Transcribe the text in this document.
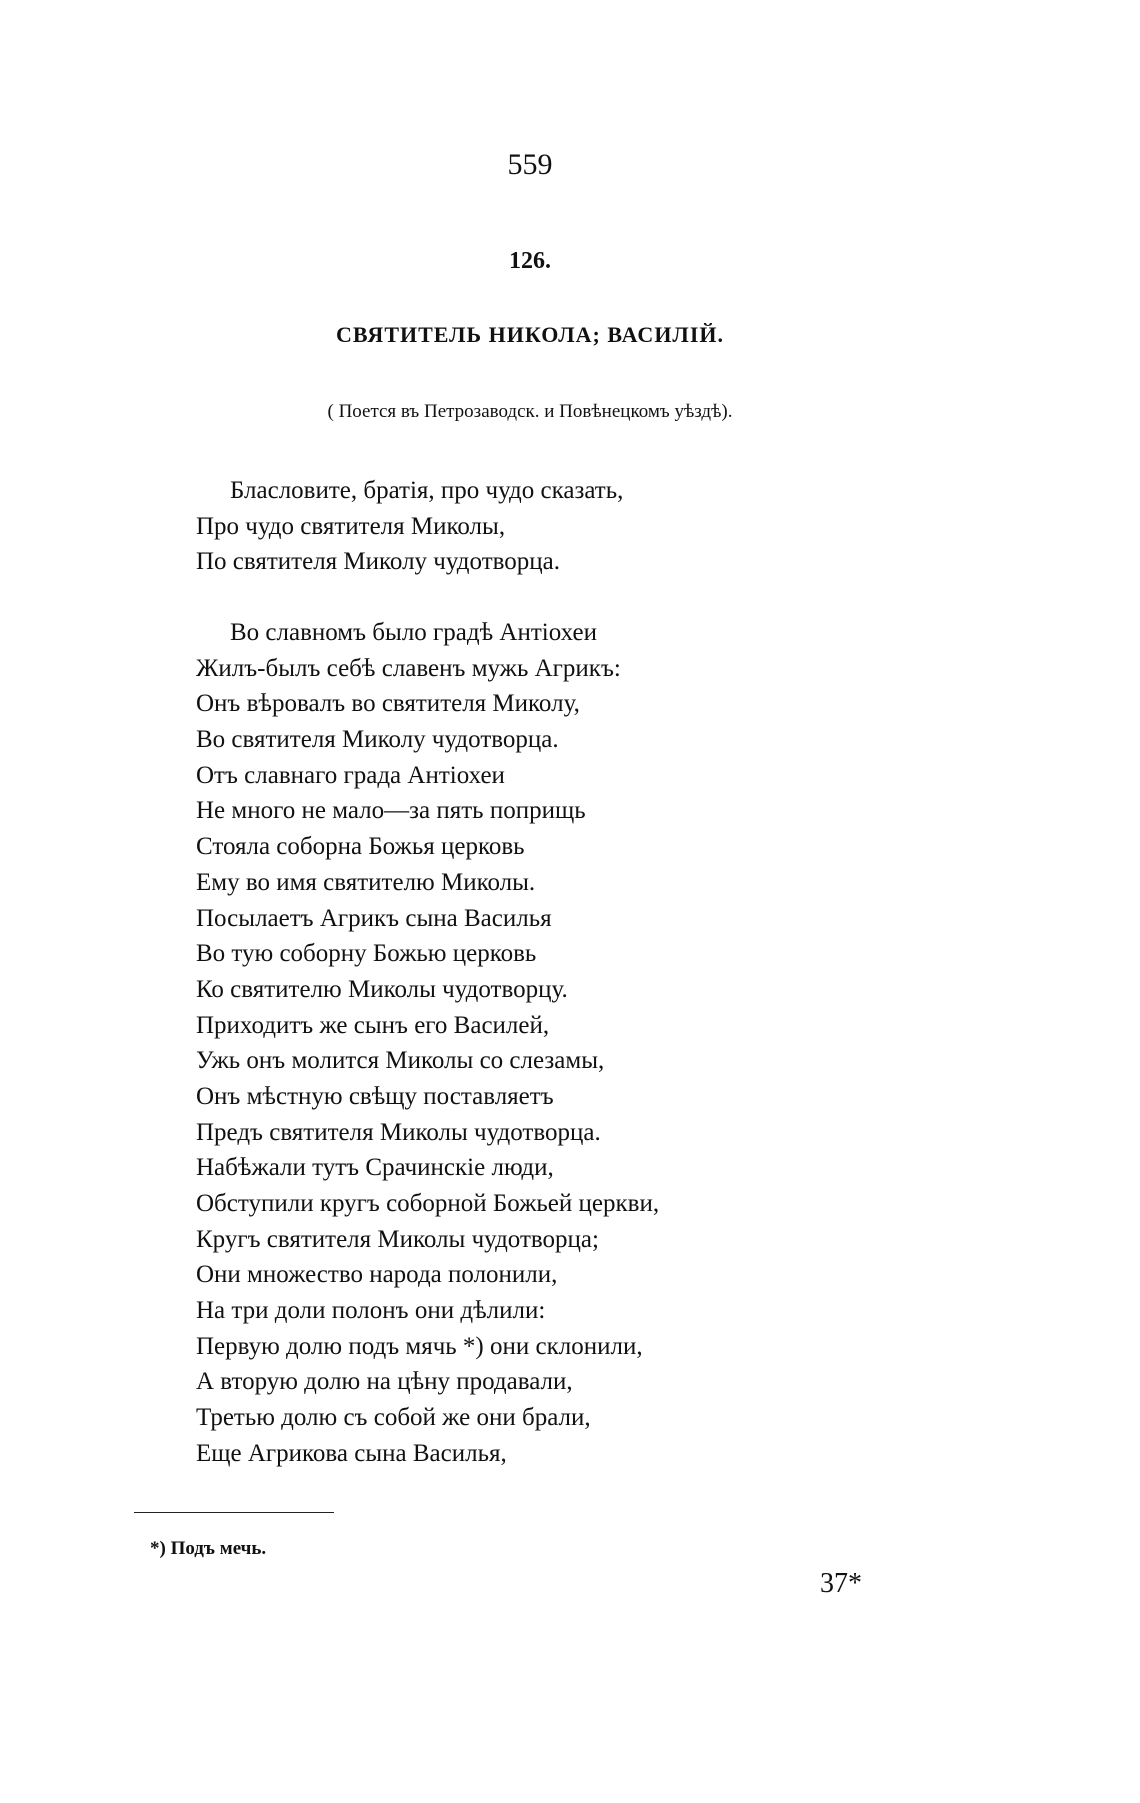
559
126.
СВЯТИТЕЛЬ НИКОЛА; ВАСИЛІЙ.
( Поется въ Петрозаводск. и Повѣнецкомъ уѣздѣ).
Бласловите, братія, про чудо сказать,
Про чудо святителя Миколы,
По святителя Миколу чудотворца.
Во славномъ было градѣ Антіохеи
Жилъ-былъ себѣ славенъ мужь Агрикъ:
Онъ вѣровалъ во святителя Миколу,
Во святителя Миколу чудотворца.
Отъ славнаго града Антіохеи
Не много не мало—за пять поприщь
Стояла соборна Божья церковь
Ему во имя святителю Миколы.
Посылаетъ Агрикъ сына Василья
Во тую соборну Божью церковь
Ко святителю Миколы чудотворцу.
Приходитъ же сынъ его Василей,
Ужь онъ молится Миколы со слезамы,
Онъ мѣстную свѣщу поставляетъ
Предъ святителя Миколы чудотворца.
Набѣжали тутъ Срачинскіе люди,
Обступили кругъ соборной Божьей церкви,
Кругъ святителя Миколы чудотворца;
Они множество народа полонили,
На три доли полонъ они дѣлили:
Первую долю подъ мячь *) они склонили,
А вторую долю на цѣну продавали,
Третью долю съ собой же они брали,
Еще Агрикова сына Василья,
*) Подъ мечь.
37*
